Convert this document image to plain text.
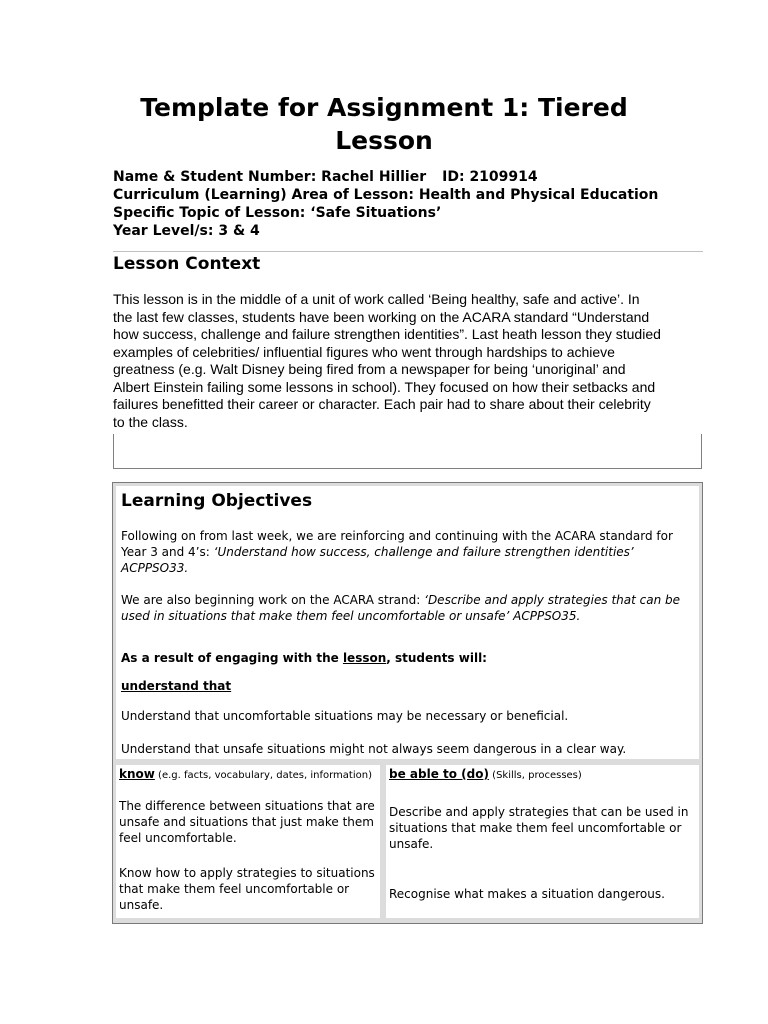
Template for Assignment 1: Tiered
Lesson
Name & Student Number: Rachel Hillier ID: 2109914
Curriculum (Learning) Area of Lesson: Health and Physical Education
Specific Topic of Lesson: ‘Safe Situations’
Year Level/s: 3 & 4
Lesson Context
This lesson is in the middle of a unit of work called ‘Being healthy, safe and active’. In
the last few classes, students have been working on the ACARA standard “Understand
how success, challenge and failure strengthen identities”. Last heath lesson they studied
examples of celebrities/ influential figures who went through hardships to achieve
greatness (e.g. Walt Disney being fired from a newspaper for being ‘unoriginal’ and
Albert Einstein failing some lessons in school). They focused on how their setbacks and
failures benefitted their career or character. Each pair had to share about their celebrity
to the class.
Learning Objectives
Following on from last week, we are reinforcing and continuing with the ACARA standard for
Year 3 and 4’s: ‘Understand how success, challenge and failure strengthen identities’
ACPPSO33.
We are also beginning work on the ACARA strand: ‘Describe and apply strategies that can be
used in situations that make them feel uncomfortable or unsafe’ ACPPSO35.
As a result of engaging with the lesson, students will:
understand that
Understand that uncomfortable situations may be necessary or beneficial.
Understand that unsafe situations might not always seem dangerous in a clear way.
know (e.g. facts, vocabulary, dates, information)
The difference between situations that are
unsafe and situations that just make them
feel uncomfortable.
Know how to apply strategies to situations
that make them feel uncomfortable or
unsafe.
be able to (do) (Skills, processes)
Describe and apply strategies that can be used in
situations that make them feel uncomfortable or
unsafe.
Recognise what makes a situation dangerous.
